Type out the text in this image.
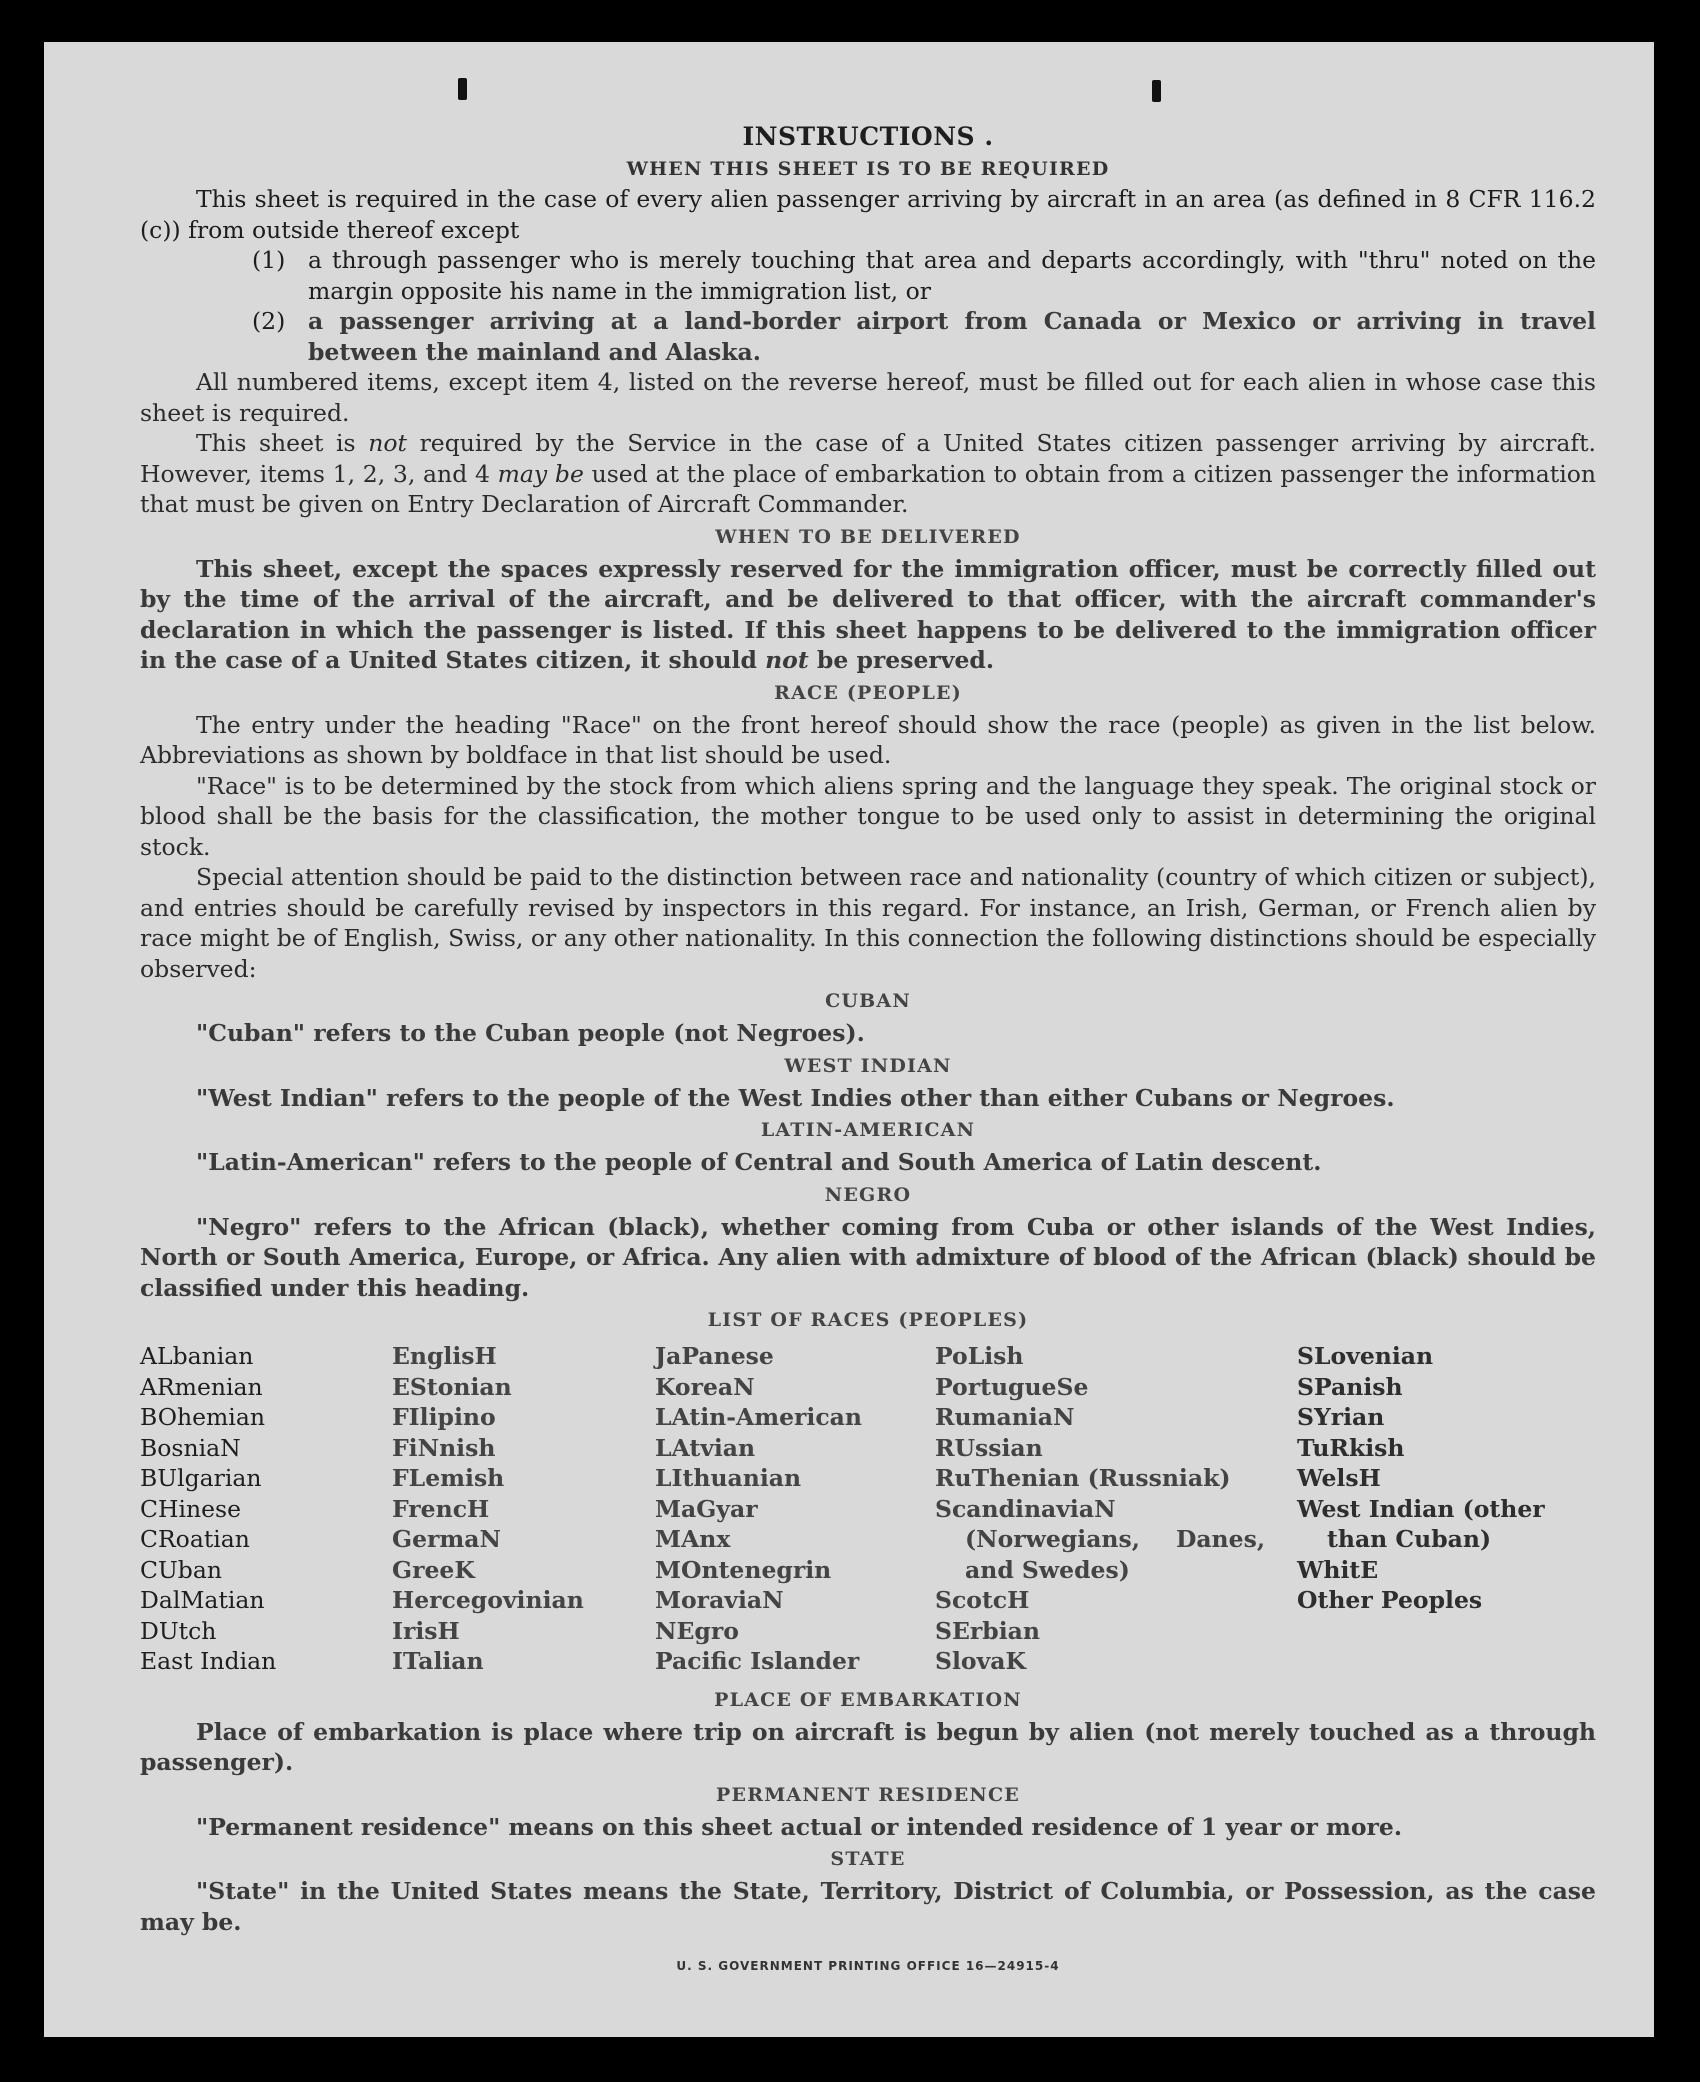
INSTRUCTIONS .
WHEN THIS SHEET IS TO BE REQUIRED

This sheet is required in the case of every alien passenger arriving by aircraft in an area (as defined in 8 CFR 116.2 (c)) from outside thereof except

(1) a through passenger who is merely touching that area and departs accordingly, with "thru" noted on the margin opposite his name in the immigration list, or
(2) a passenger arriving at a land-border airport from Canada or Mexico or arriving in travel between the mainland and Alaska.

All numbered items, except item 4, listed on the reverse hereof, must be filled out for each alien in whose case this sheet is required.

This sheet is not required by the Service in the case of a United States citizen passenger arriving by aircraft. However, items 1, 2, 3, and 4 may be used at the place of embarkation to obtain from a citizen passenger the information that must be given on Entry Declaration of Aircraft Commander.

WHEN TO BE DELIVERED

This sheet, except the spaces expressly reserved for the immigration officer, must be correctly filled out by the time of the arrival of the aircraft, and be delivered to that officer, with the aircraft commander's declaration in which the passenger is listed. If this sheet happens to be delivered to the immigration officer in the case of a United States citizen, it should not be preserved.

RACE (PEOPLE)

The entry under the heading "Race" on the front hereof should show the race (people) as given in the list below. Abbreviations as shown by boldface in that list should be used.

"Race" is to be determined by the stock from which aliens spring and the language they speak. The original stock or blood shall be the basis for the classification, the mother tongue to be used only to assist in determining the original stock.

Special attention should be paid to the distinction between race and nationality (country of which citizen or subject), and entries should be carefully revised by inspectors in this regard. For instance, an Irish, German, or French alien by race might be of English, Swiss, or any other nationality. In this connection the following distinctions should be especially observed:

CUBAN

"Cuban" refers to the Cuban people (not Negroes).

WEST INDIAN

"West Indian" refers to the people of the West Indies other than either Cubans or Negroes.

LATIN-AMERICAN

"Latin-American" refers to the people of Central and South America of Latin descent.

NEGRO

"Negro" refers to the African (black), whether coming from Cuba or other islands of the West Indies, North or South America, Europe, or Africa. Any alien with admixture of blood of the African (black) should be classified under this heading.

LIST OF RACES (PEOPLES)
ALbanian
ARmenian
BOhemian
BosniaN
BUlgarian
CHinese
CRoatian
CUban
DalMatian
DUtch
East Indian
EnglisH
EStonian
FIlipino
FiNnish
FLemish
FrencH
GermaN
GreeK
Hercegovinian
IrisH
ITalian
JaPanese
KoreaN
LAtin-American
LAtvian
LIthuanian
MaGyar
MAnx
MOntenegrin
MoraviaN
NEgro
Pacific Islander
PoLish
PortugueSe
RumaniaN
RUssian
RuThenian (Russniak)
ScandinaviaN (Norwegians, Danes, and Swedes)
ScotcH
SErbian
SlovaK
SLovenian
SPanish
SYrian
TuRkish
WelsH
West Indian (other than Cuban)
WhitE
Other Peoples
PLACE OF EMBARKATION

Place of embarkation is place where trip on aircraft is begun by alien (not merely touched as a through passenger).

PERMANENT RESIDENCE

"Permanent residence" means on this sheet actual or intended residence of 1 year or more.

STATE

"State" in the United States means the State, Territory, District of Columbia, or Possession, as the case may be.

U. S. GOVERNMENT PRINTING OFFICE 16—24915-4
